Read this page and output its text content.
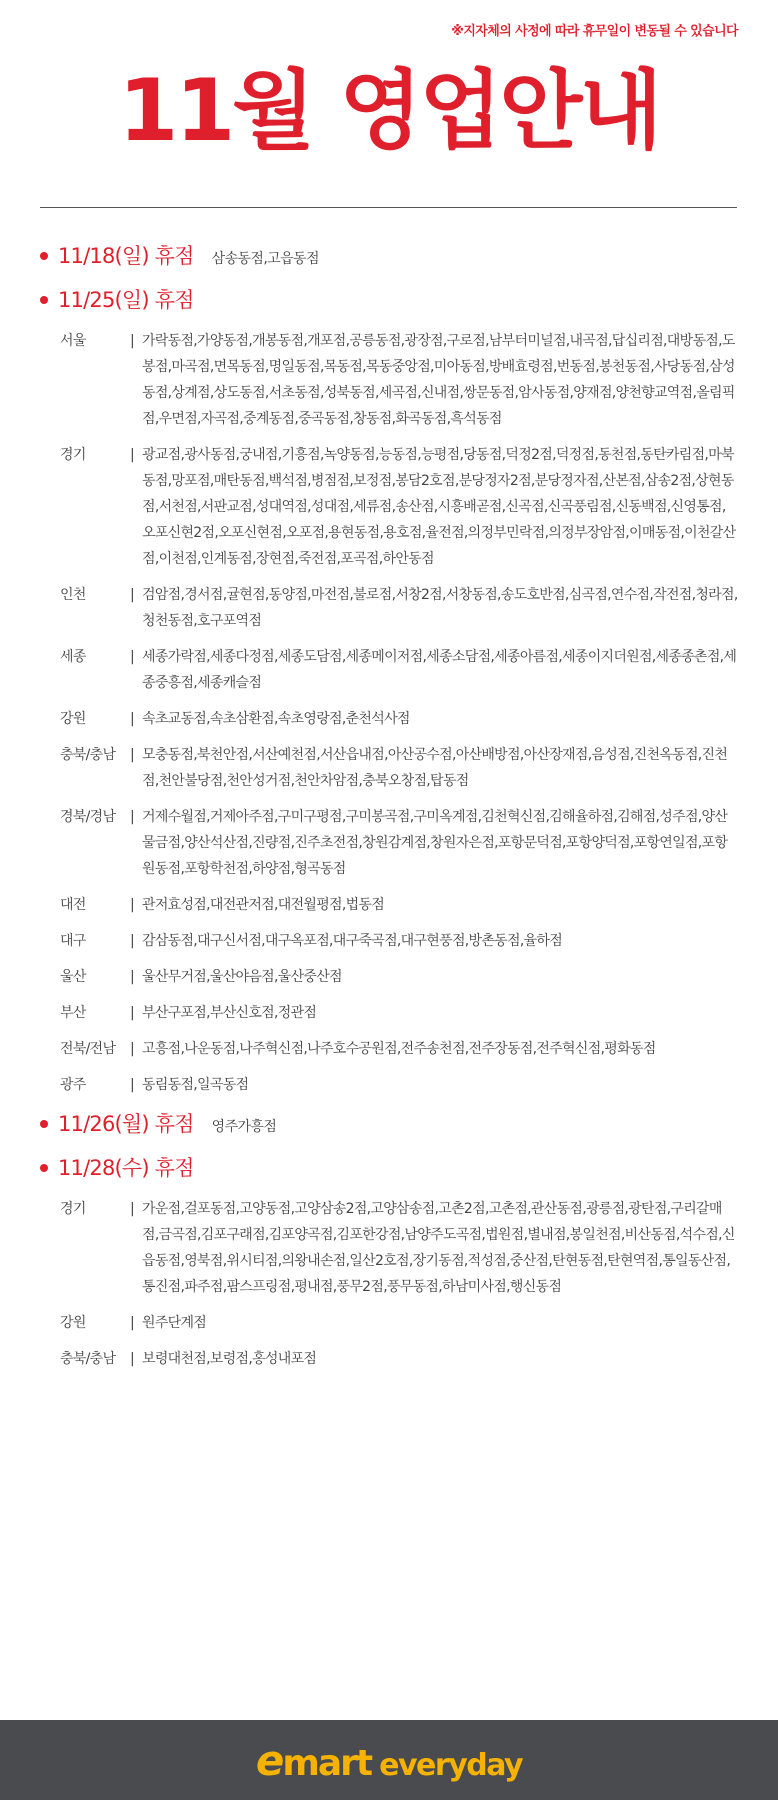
※지자체의 사정에 따라 휴무일이 변동될 수 있습니다
11월 영업안내
11/18(일) 휴점 삼송동점,고읍동점
11/25(일) 휴점
서울	| 가락동점,가양동점,개봉동점,개포점,공릉동점,광장점,구로점,남부터미널점,내곡점,답십리점,대방동점,도봉점,마곡점,면목동점,명일동점,목동점,목동중앙점,미아동점,방배효령점,번동점,봉천동점,사당동점,삼성동점,상계점,상도동점,서초동점,성북동점,세곡점,신내점,쌍문동점,암사동점,양재점,양천향교역점,올림픽점,우면점,자곡점,중계동점,중곡동점,창동점,화곡동점,흑석동점
경기	| 광교점,광사동점,궁내점,기흥점,녹양동점,능동점,능평점,당동점,덕정2점,덕정점,동천점,동탄카림점,마북동점,망포점,매탄동점,백석점,병점점,보정점,봉담2호점,분당정자2점,분당정자점,산본점,삼송2점,상현동점,서천점,서판교점,성대역점,성대점,세류점,송산점,시흥배곧점,신곡점,신곡풍림점,신동백점,신영통점,오포신현2점,오포신현점,오포점,용현동점,용호점,율전점,의정부민락점,의정부장암점,이매동점,이천갈산점,이천점,인계동점,장현점,죽전점,포곡점,하안동점
인천	| 검암점,경서점,귤현점,동양점,마전점,불로점,서창2점,서창동점,송도호반점,심곡점,연수점,작전점,청라점,청천동점,호구포역점
세종	| 세종가락점,세종다정점,세종도담점,세종메이저점,세종소담점,세종아름점,세종이지더원점,세종종촌점,세종중흥점,세종캐슬점
강원	| 속초교동점,속초삼환점,속초영랑점,춘천석사점
충북/충남	| 모충동점,북천안점,서산예천점,서산읍내점,아산공수점,아산배방점,아산장재점,음성점,진천옥동점,진천점,천안불당점,천안성거점,천안차암점,충북오창점,탑동점
경북/경남	| 거제수월점,거제아주점,구미구평점,구미봉곡점,구미옥계점,김천혁신점,김해율하점,김해점,성주점,양산물금점,양산석산점,진량점,진주초전점,창원감계점,창원자은점,포항문덕점,포항양덕점,포항연일점,포항원동점,포항학천점,하양점,형곡동점
대전	| 관저효성점,대전관저점,대전월평점,법동점
대구	| 감삼동점,대구신서점,대구옥포점,대구죽곡점,대구현풍점,방촌동점,율하점
울산	| 울산무거점,울산야음점,울산중산점
부산	| 부산구포점,부산신호점,정관점
전북/전남	| 고흥점,나운동점,나주혁신점,나주호수공원점,전주송천점,전주장동점,전주혁신점,평화동점
광주	| 동림동점,일곡동점
11/26(월) 휴점 영주가흥점
11/28(수) 휴점
경기	| 가운점,걸포동점,고양동점,고양삼송2점,고양삼송점,고촌2점,고촌점,관산동점,광릉점,광탄점,구리갈매점,금곡점,김포구래점,김포양곡점,김포한강점,남양주도곡점,법원점,별내점,봉일천점,비산동점,석수점,신읍동점,영북점,위시티점,의왕내손점,일산2호점,장기동점,적성점,중산점,탄현동점,탄현역점,통일동산점,통진점,파주점,팜스프링점,평내점,풍무2점,풍무동점,하남미사점,행신동점
강원	| 원주단계점
충북/충남	| 보령대천점,보령점,홍성내포점
e mart everyday
